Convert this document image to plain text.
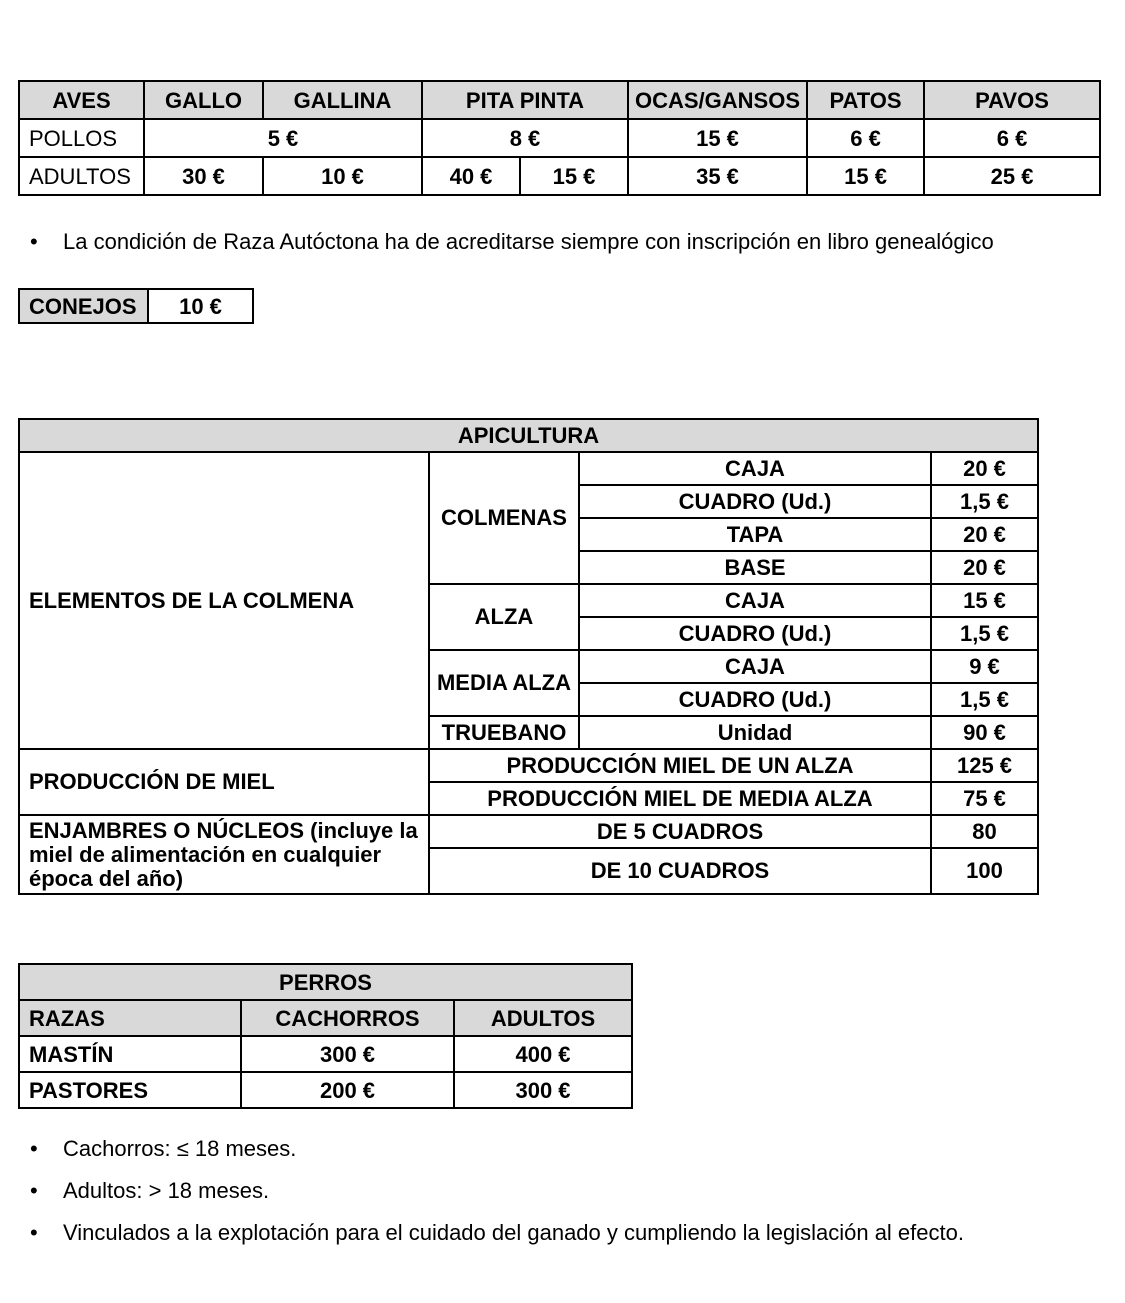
AVES	GALLO	GALLINA	PITA PINTA		OCAS/GANSOS	PATOS	PAVOS
POLLOS	5 €		8 €		15 €	6 €	6 €
ADULTOS	30 €	10 €	40 €	15 €	35 €	15 €	25 €
•	La condición de Raza Autóctona ha de acreditarse siempre con inscripción en libro genealógico
CONEJOS	10 €
APICULTURA			
ELEMENTOS DE LA COLMENA	COLMENAS	CAJA	20 €
		CUADRO (Ud.)	1,5 €
		TAPA	20 €
		BASE	20 €
	ALZA	CAJA	15 €
		CUADRO (Ud.)	1,5 €
	MEDIA ALZA	CAJA	9 €
		CUADRO (Ud.)	1,5 €
	TRUEBANO	Unidad	90 €
PRODUCCIÓN DE MIEL	PRODUCCIÓN MIEL DE UN ALZA		125 €
	PRODUCCIÓN MIEL DE MEDIA ALZA		75 €
ENJAMBRES O NÚCLEOS (incluye la miel de alimentación en cualquier época del año)	DE 5 CUADROS		80
	DE 10 CUADROS		100
PERROS		
RAZAS	CACHORROS	ADULTOS
MASTÍN	300 €	400 €
PASTORES	200 €	300 €
•	Cachorros: ≤ 18 meses.
•	Adultos: > 18 meses.
•	Vinculados a la explotación para el cuidado del ganado y cumpliendo la legislación al efecto.
